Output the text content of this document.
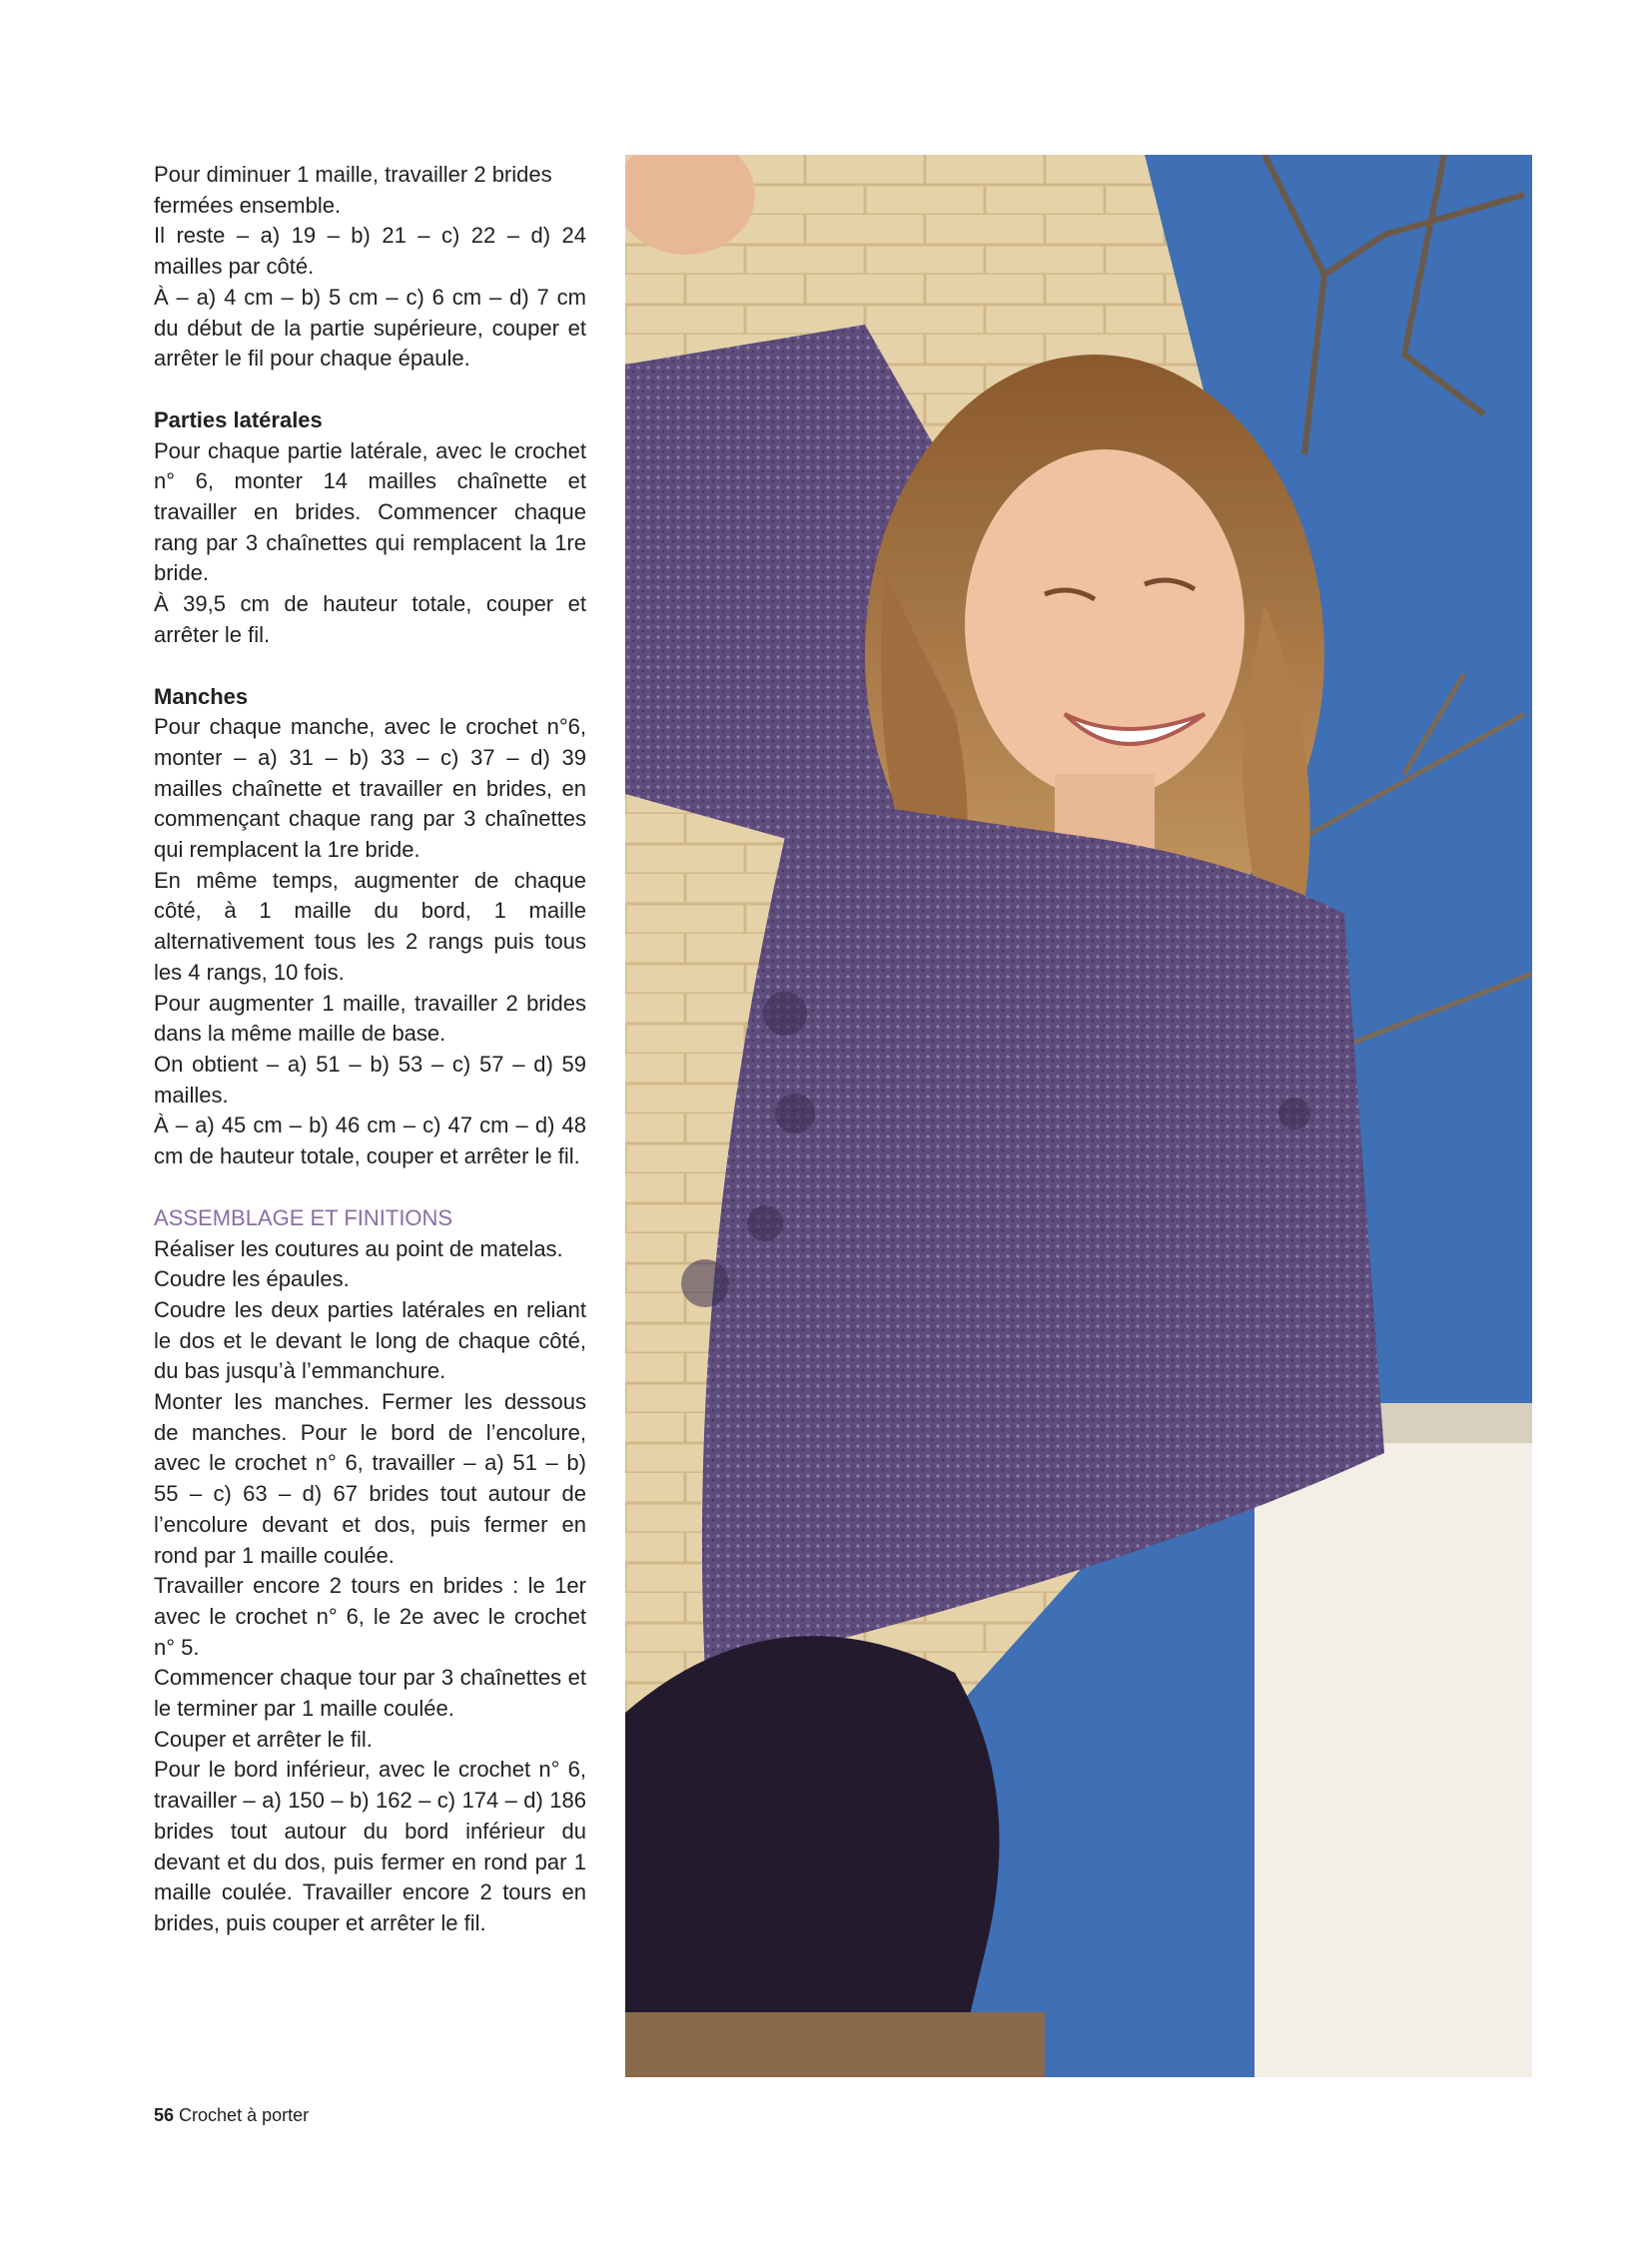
Pour diminuer 1 maille, travailler 2 brides fermées ensemble.

Il reste – a) 19 – b) 21 – c) 22 – d) 24 mailles par côté.

À – a) 4 cm – b) 5 cm – c) 6 cm – d) 7 cm du début de la partie supérieure, couper et arrêter le fil pour chaque épaule.

Parties latérales

Pour chaque partie latérale, avec le crochet n° 6, monter 14 mailles chaînette et travailler en brides. Commencer chaque rang par 3 chaînettes qui remplacent la 1re bride.

À 39,5 cm de hauteur totale, couper et arrêter le fil.

Manches

Pour chaque manche, avec le crochet n°6, monter – a) 31 – b) 33 – c) 37 – d) 39 mailles chaînette et travailler en brides, en commençant chaque rang par 3 chaînettes qui remplacent la 1re bride.

En même temps, augmenter de chaque côté, à 1 maille du bord, 1 maille alternativement tous les 2 rangs puis tous les 4 rangs, 10 fois.

Pour augmenter 1 maille, travailler 2 brides dans la même maille de base.

On obtient – a) 51 – b) 53 – c) 57 – d) 59 mailles.

À – a) 45 cm – b) 46 cm – c) 47 cm – d) 48 cm de hauteur totale, couper et arrêter le fil.

ASSEMBLAGE ET FINITIONS

Réaliser les coutures au point de matelas.

Coudre les épaules.

Coudre les deux parties latérales en reliant le dos et le devant le long de chaque côté, du bas jusqu’à l’emmanchure.

Monter les manches. Fermer les dessous de manches. Pour le bord de l’encolure, avec le crochet n° 6, travailler – a) 51 – b) 55 – c) 63 – d) 67 brides tout autour de l’encolure devant et dos, puis fermer en rond par 1 maille coulée.

Travailler encore 2 tours en brides : le 1er avec le crochet n° 6, le 2e avec le crochet n° 5.

Commencer chaque tour par 3 chaînettes et le terminer par 1 maille coulée.

Couper et arrêter le fil.

Pour le bord inférieur, avec le crochet n° 6, travailler – a) 150 – b) 162 – c) 174 – d) 186 brides tout autour du bord inférieur du devant et du dos, puis fermer en rond par 1 maille coulée. Travailler encore 2 tours en brides, puis couper et arrêter le fil.

56 Crochet à porter
